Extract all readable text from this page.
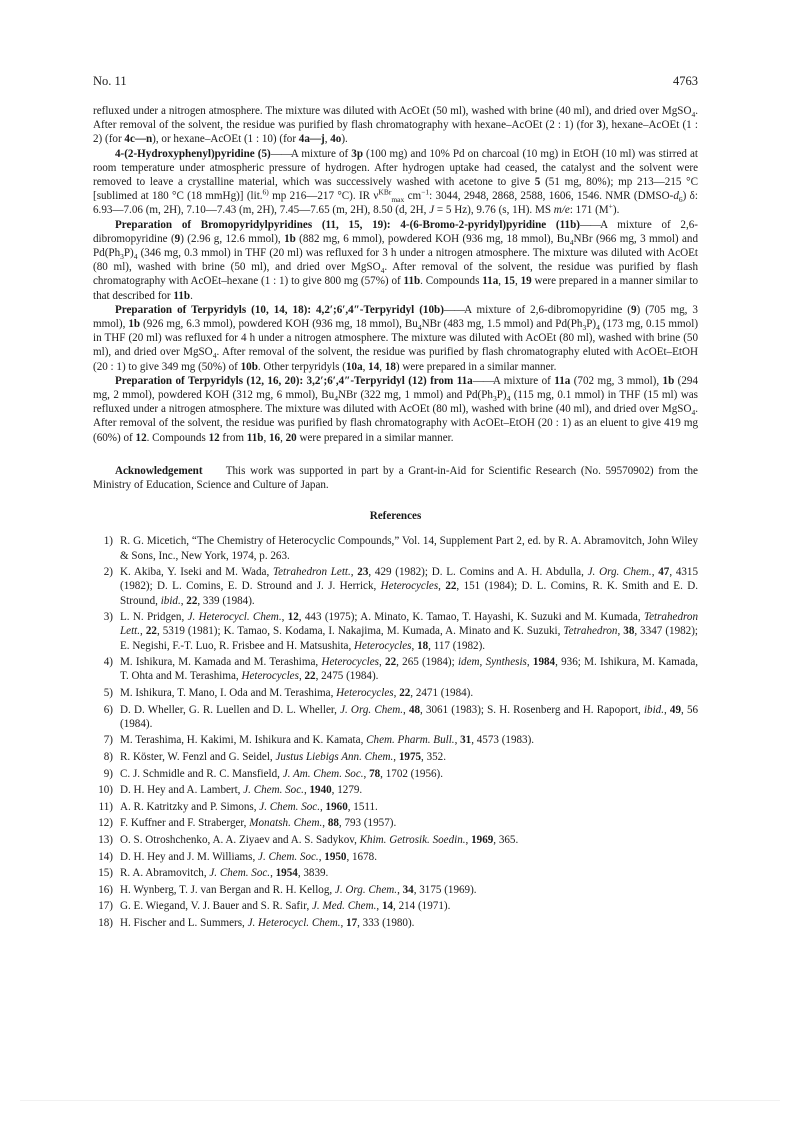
No. 11	4763

refluxed under a nitrogen atmosphere. The mixture was diluted with AcOEt (50 ml), washed with brine (40 ml), and dried over MgSO$_4$. After removal of the solvent, the residue was purified by flash chromatography with hexane–AcOEt (2 : 1) (for 3), hexane–AcOEt (1 : 2) (for 4c—n), or hexane–AcOEt (1 : 10) (for 4a—j, 4o).

4-(2-Hydroxyphenyl)pyridine (5)——A mixture of 3p (100 mg) and 10% Pd on charcoal (10 mg) in EtOH (10 ml) was stirred at room temperature under atmospheric pressure of hydrogen. After hydrogen uptake had ceased, the catalyst and the solvent were removed to leave a crystalline material, which was successively washed with acetone to give 5 (51 mg, 80%); mp 213—215 °C [sublimed at 180 °C (18 mmHg)] (lit.$^{6)}$ mp 216—217 °C). IR $\nu^{KBr}_{max}$ $cm^{-1}$: 3044, 2948, 2868, 2588, 1606, 1546. NMR $(DMSO-d_6)$ δ: 6.93—7.06 (m, 2H), 7.10—7.43 (m, 2H), 7.45—7.65 (m, 2H), 8.50 (d, 2H, J = 5 Hz), 9.76 (s, 1H). MS m/e: 171 (M+).

Preparation of Bromopyridylpyridines (11, 15, 19): 4-(6-Bromo-2-pyridyl)pyridine (11b)——A mixture of 2,6-dibromopyridine (9) (2.96 g, 12.6 mmol), 1b (882 mg, 6 mmol), powdered KOH (936 mg, 18 mmol), $Bu_4NBr$ (966 mg, 3 mmol) and $Pd(Ph_3P)_4$ (346 mg, 0.3 mmol) in THF (20 ml) was refluxed for 3 h under a nitrogen atmosphere. The mixture was diluted with AcOEt (80 ml), washed with brine (50 ml), and dried over MgSO$_4$. After removal of the solvent, the residue was purified by flash chromatography with AcOEt–hexane (1 : 1) to give 800 mg (57%) of 11b. Compounds 11a, 15, 19 were prepared in a manner similar to that described for 11b.

Preparation of Terpyridyls (10, 14, 18): 4,2′;6′,4″-Terpyridyl (10b)——A mixture of 2,6-dibromopyridine (9) (705 mg, 3 mmol), 1b (926 mg, 6.3 mmol), powdered KOH (936 mg, 18 mmol), $Bu_4NBr$ (483 mg, 1.5 mmol) and $Pd(Ph_3P)_4$ (173 mg, 0.15 mmol) in THF (20 ml) was refluxed for 4 h under a nitrogen atmosphere. The mixture was diluted with AcOEt (80 ml), washed with brine (50 ml), and dried over MgSO$_4$. After removal of the solvent, the residue was purified by flash chromatography eluted with AcOEt–EtOH (20 : 1) to give 349 mg (50%) of 10b. Other terpyridyls (10a, 14, 18) were prepared in a similar manner.

Preparation of Terpyridyls (12, 16, 20): 3,2′;6′,4″-Terpyridyl (12) from 11a——A mixture of 11a (702 mg, 3 mmol), 1b (294 mg, 2 mmol), powdered KOH (312 mg, 6 mmol), $Bu_4NBr$ (322 mg, 1 mmol) and $Pd(Ph_3P)_4$ (115 mg, 0.1 mmol) in THF (15 ml) was refluxed under a nitrogen atmosphere. The mixture was diluted with AcOEt (80 ml), washed with brine (40 ml), and dried over MgSO$_4$. After removal of the solvent, the residue was purified by flash chromatography with AcOEt–EtOH (20 : 1) as an eluent to give 419 mg (60%) of 12. Compounds 12 from 11b, 16, 20 were prepared in a similar manner.

Acknowledgement This work was supported in part by a Grant-in-Aid for Scientific Research (No. 59570902) from the Ministry of Education, Science and Culture of Japan.

References
1) R. G. Micetich, “The Chemistry of Heterocyclic Compounds,” Vol. 14, Supplement Part 2, ed. by R. A. Abramovitch, John Wiley & Sons, Inc., New York, 1974, p. 263.
2) K. Akiba, Y. Iseki and M. Wada, Tetrahedron Lett., 23, 429 (1982); D. L. Comins and A. H. Abdulla, J. Org. Chem., 47, 4315 (1982); D. L. Comins, E. D. Stround and J. J. Herrick, Heterocycles, 22, 151 (1984); D. L. Comins, R. K. Smith and E. D. Stround, ibid., 22, 339 (1984).
3) L. N. Pridgen, J. Heterocycl. Chem., 12, 443 (1975); A. Minato, K. Tamao, T. Hayashi, K. Suzuki and M. Kumada, Tetrahedron Lett., 22, 5319 (1981); K. Tamao, S. Kodama, I. Nakajima, M. Kumada, A. Minato and K. Suzuki, Tetrahedron, 38, 3347 (1982); E. Negishi, F.-T. Luo, R. Frisbee and H. Matsushita, Heterocycles, 18, 117 (1982).
4) M. Ishikura, M. Kamada and M. Terashima, Heterocycles, 22, 265 (1984); idem, Synthesis, 1984, 936; M. Ishikura, M. Kamada, T. Ohta and M. Terashima, Heterocycles, 22, 2475 (1984).
5) M. Ishikura, T. Mano, I. Oda and M. Terashima, Heterocycles, 22, 2471 (1984).
6) D. D. Wheller, G. R. Luellen and D. L. Wheller, J. Org. Chem., 48, 3061 (1983); S. H. Rosenberg and H. Rapoport, ibid., 49, 56 (1984).
7) M. Terashima, H. Kakimi, M. Ishikura and K. Kamata, Chem. Pharm. Bull., 31, 4573 (1983).
8) R. Köster, W. Fenzl and G. Seidel, Justus Liebigs Ann. Chem., 1975, 352.
9) C. J. Schmidle and R. C. Mansfield, J. Am. Chem. Soc., 78, 1702 (1956).
10) D. H. Hey and A. Lambert, J. Chem. Soc., 1940, 1279.
11) A. R. Katritzky and P. Simons, J. Chem. Soc., 1960, 1511.
12) F. Kuffner and F. Straberger, Monatsh. Chem., 88, 793 (1957).
13) O. S. Otroshchenko, A. A. Ziyaev and A. S. Sadykov, Khim. Getrosik. Soedin., 1969, 365.
14) D. H. Hey and J. M. Williams, J. Chem. Soc., 1950, 1678.
15) R. A. Abramovitch, J. Chem. Soc., 1954, 3839.
16) H. Wynberg, T. J. van Bergan and R. H. Kellog, J. Org. Chem., 34, 3175 (1969).
17) G. E. Wiegand, V. J. Bauer and S. R. Safir, J. Med. Chem., 14, 214 (1971).
18) H. Fischer and L. Summers, J. Heterocycl. Chem., 17, 333 (1980).
